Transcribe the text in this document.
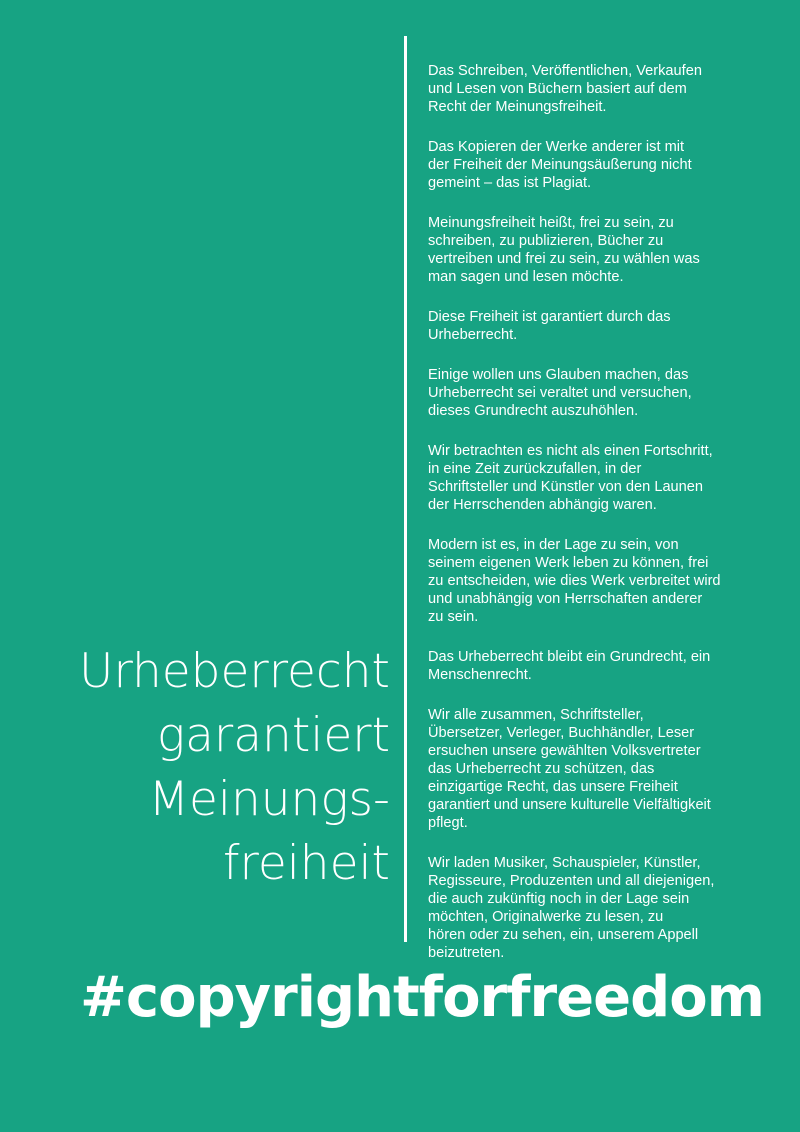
Urheberrecht
garantiert
Meinungs-
freiheit

Das Schreiben, Veröffentlichen, Verkaufen
und Lesen von Büchern basiert auf dem
Recht der Meinungsfreiheit.

Das Kopieren der Werke anderer ist mit
der Freiheit der Meinungsäußerung nicht
gemeint – das ist Plagiat.

Meinungsfreiheit heißt, frei zu sein, zu
schreiben, zu publizieren, Bücher zu
vertreiben und frei zu sein, zu wählen was
man sagen und lesen möchte.

Diese Freiheit ist garantiert durch das
Urheberrecht.

Einige wollen uns Glauben machen, das
Urheberrecht sei veraltet und versuchen,
dieses Grundrecht auszuhöhlen.

Wir betrachten es nicht als einen Fortschritt,
in eine Zeit zurückzufallen, in der
Schriftsteller und Künstler von den Launen
der Herrschenden abhängig waren.

Modern ist es, in der Lage zu sein, von
seinem eigenen Werk leben zu können, frei
zu entscheiden, wie dies Werk verbreitet wird
und unabhängig von Herrschaften anderer
zu sein.

Das Urheberrecht bleibt ein Grundrecht, ein
Menschenrecht.

Wir alle zusammen, Schriftsteller,
Übersetzer, Verleger, Buchhändler, Leser
ersuchen unsere gewählten Volksvertreter
das Urheberrecht zu schützen, das
einzigartige Recht, das unsere Freiheit
garantiert und unsere kulturelle Vielfältigkeit
pflegt.

Wir laden Musiker, Schauspieler, Künstler,
Regisseure, Produzenten und all diejenigen,
die auch zukünftig noch in der Lage sein
möchten, Originalwerke zu lesen, zu
hören oder zu sehen, ein, unserem Appell
beizutreten.

#copyrightforfreedom
